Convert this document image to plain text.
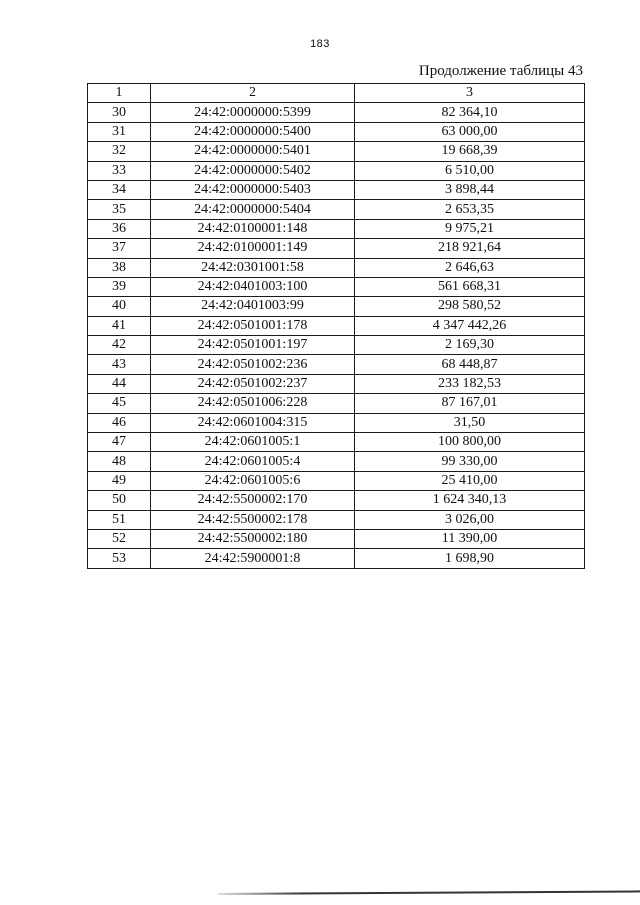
183
Продолжение таблицы 43
1	2	3
30	24:42:0000000:5399	82 364,10
31	24:42:0000000:5400	63 000,00
32	24:42:0000000:5401	19 668,39
33	24:42:0000000:5402	6 510,00
34	24:42:0000000:5403	3 898,44
35	24:42:0000000:5404	2 653,35
36	24:42:0100001:148	9 975,21
37	24:42:0100001:149	218 921,64
38	24:42:0301001:58	2 646,63
39	24:42:0401003:100	561 668,31
40	24:42:0401003:99	298 580,52
41	24:42:0501001:178	4 347 442,26
42	24:42:0501001:197	2 169,30
43	24:42:0501002:236	68 448,87
44	24:42:0501002:237	233 182,53
45	24:42:0501006:228	87 167,01
46	24:42:0601004:315	31,50
47	24:42:0601005:1	100 800,00
48	24:42:0601005:4	99 330,00
49	24:42:0601005:6	25 410,00
50	24:42:5500002:170	1 624 340,13
51	24:42:5500002:178	3 026,00
52	24:42:5500002:180	11 390,00
53	24:42:5900001:8	1 698,90
